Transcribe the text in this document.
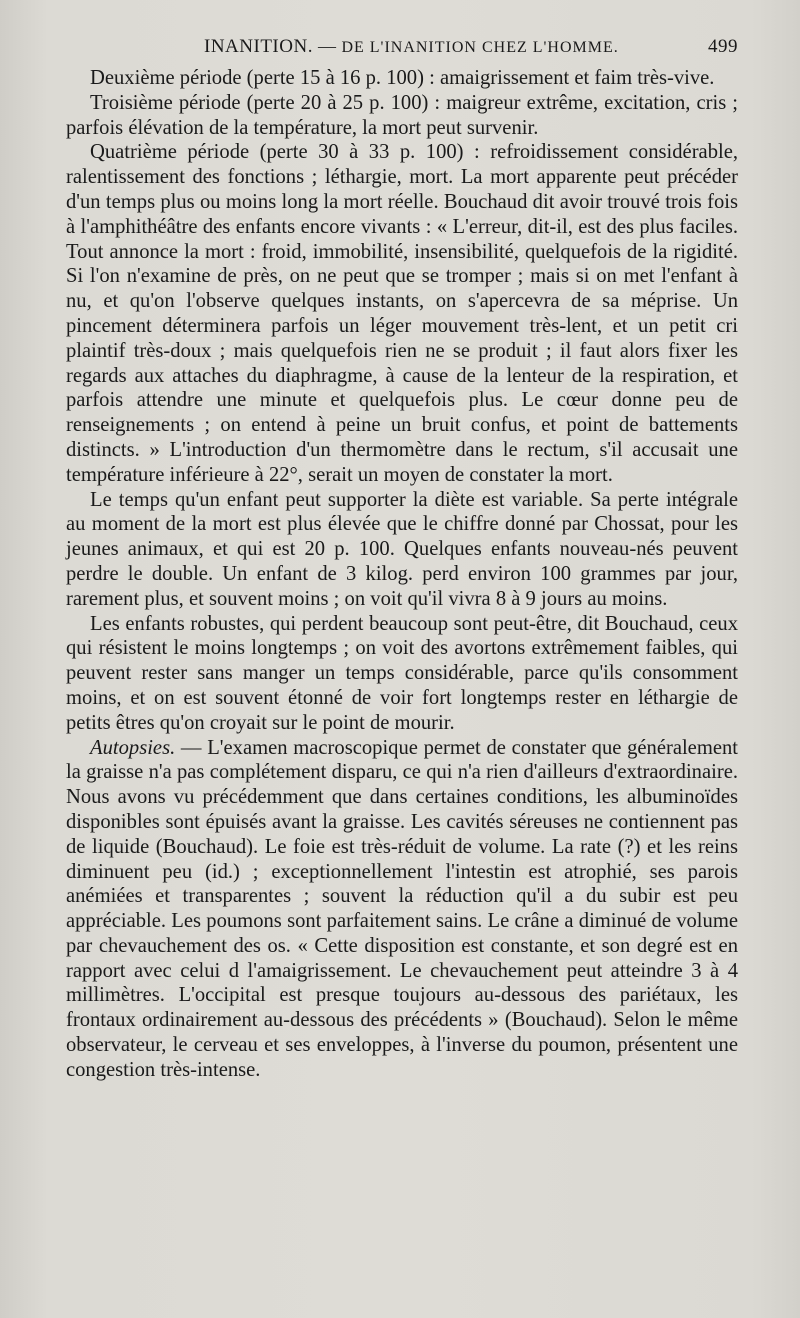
INANITION. — DE L'INANITION CHEZ L'HOMME.	499

Deuxième période (perte 15 à 16 p. 100) : amaigrissement et faim très-vive.

Troisième période (perte 20 à 25 p. 100) : maigreur extrême, excitation, cris ; parfois élévation de la température, la mort peut survenir.

Quatrième période (perte 30 à 33 p. 100) : refroidissement considérable, ralentissement des fonctions ; léthargie, mort. La mort apparente peut précéder d'un temps plus ou moins long la mort réelle. Bouchaud dit avoir trouvé trois fois à l'amphithéâtre des enfants encore vivants : « L'erreur, dit-il, est des plus faciles. Tout annonce la mort : froid, immobilité, insensibilité, quelquefois de la rigidité. Si l'on n'examine de près, on ne peut que se tromper ; mais si on met l'enfant à nu, et qu'on l'observe quelques instants, on s'apercevra de sa méprise. Un pincement déterminera parfois un léger mouvement très-lent, et un petit cri plaintif très-doux ; mais quelquefois rien ne se produit ; il faut alors fixer les regards aux attaches du diaphragme, à cause de la lenteur de la respiration, et parfois attendre une minute et quelquefois plus. Le cœur donne peu de renseignements ; on entend à peine un bruit confus, et point de battements distincts. » L'introduction d'un thermomètre dans le rectum, s'il accusait une température inférieure à 22°, serait un moyen de constater la mort.

Le temps qu'un enfant peut supporter la diète est variable. Sa perte intégrale au moment de la mort est plus élevée que le chiffre donné par Chossat, pour les jeunes animaux, et qui est 20 p. 100. Quelques enfants nouveau-nés peuvent perdre le double. Un enfant de 3 kilog. perd environ 100 grammes par jour, rarement plus, et souvent moins ; on voit qu'il vivra 8 à 9 jours au moins.

Les enfants robustes, qui perdent beaucoup sont peut-être, dit Bouchaud, ceux qui résistent le moins longtemps ; on voit des avortons extrêmement faibles, qui peuvent rester sans manger un temps considérable, parce qu'ils consomment moins, et on est souvent étonné de voir fort longtemps rester en léthargie de petits êtres qu'on croyait sur le point de mourir.

Autopsies. — L'examen macroscopique permet de constater que généralement la graisse n'a pas complétement disparu, ce qui n'a rien d'ailleurs d'extraordinaire. Nous avons vu précédemment que dans certaines conditions, les albuminoïdes disponibles sont épuisés avant la graisse. Les cavités séreuses ne contiennent pas de liquide (Bouchaud). Le foie est très-réduit de volume. La rate (?) et les reins diminuent peu (id.) ; exceptionnellement l'intestin est atrophié, ses parois anémiées et transparentes ; souvent la réduction qu'il a du subir est peu appréciable. Les poumons sont parfaitement sains. Le crâne a diminué de volume par chevauchement des os. « Cette disposition est constante, et son degré est en rapport avec celui d l'amaigrissement. Le chevauchement peut atteindre 3 à 4 millimètres. L'occipital est presque toujours au-dessous des pariétaux, les frontaux ordinairement au-dessous des précédents » (Bouchaud). Selon le même observateur, le cerveau et ses enveloppes, à l'inverse du poumon, présentent une congestion très-intense.
